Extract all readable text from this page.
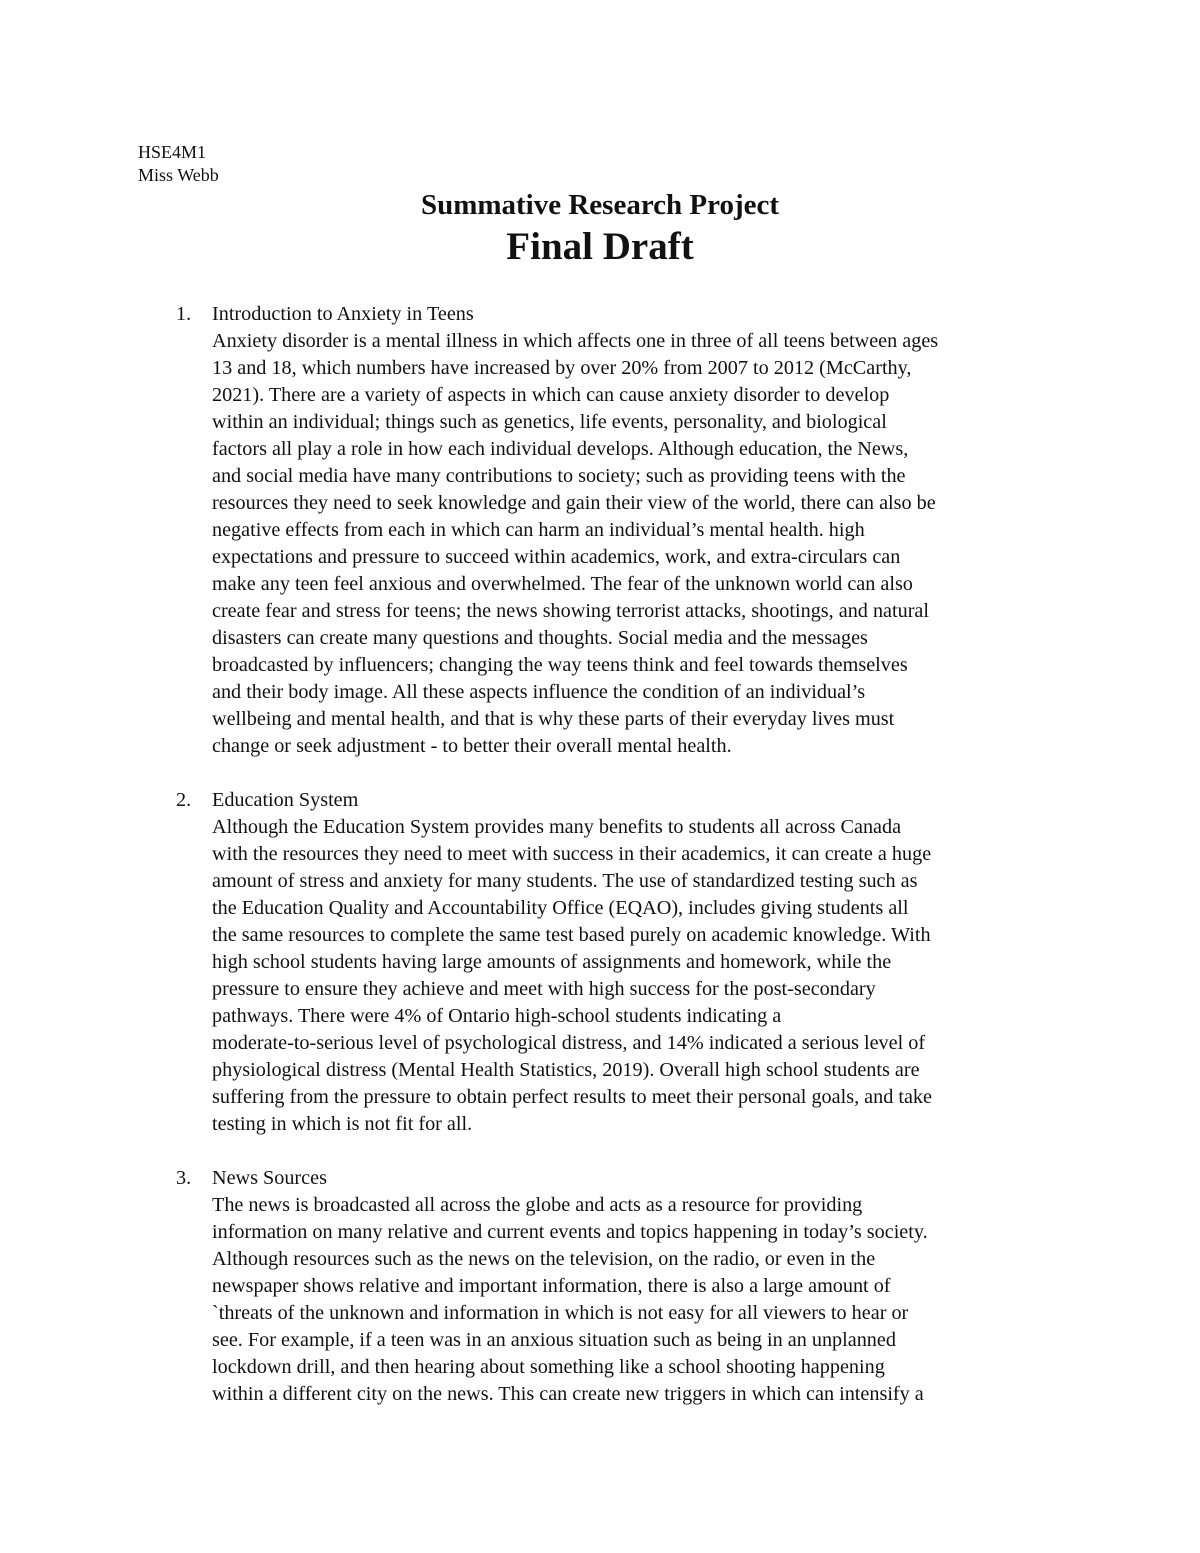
HSE4M1
Miss Webb
Summative Research Project
Final Draft
1. Introduction to Anxiety in Teens
Anxiety disorder is a mental illness in which affects one in three of all teens between ages
13 and 18, which numbers have increased by over 20% from 2007 to 2012 (McCarthy,
2021). There are a variety of aspects in which can cause anxiety disorder to develop
within an individual; things such as genetics, life events, personality, and biological
factors all play a role in how each individual develops. Although education, the News,
and social media have many contributions to society; such as providing teens with the
resources they need to seek knowledge and gain their view of the world, there can also be
negative effects from each in which can harm an individual’s mental health. high
expectations and pressure to succeed within academics, work, and extra-circulars can
make any teen feel anxious and overwhelmed. The fear of the unknown world can also
create fear and stress for teens; the news showing terrorist attacks, shootings, and natural
disasters can create many questions and thoughts. Social media and the messages
broadcasted by influencers; changing the way teens think and feel towards themselves
and their body image. All these aspects influence the condition of an individual’s
wellbeing and mental health, and that is why these parts of their everyday lives must
change or seek adjustment - to better their overall mental health.
2. Education System
Although the Education System provides many benefits to students all across Canada
with the resources they need to meet with success in their academics, it can create a huge
amount of stress and anxiety for many students. The use of standardized testing such as
the Education Quality and Accountability Office (EQAO), includes giving students all
the same resources to complete the same test based purely on academic knowledge. With
high school students having large amounts of assignments and homework, while the
pressure to ensure they achieve and meet with high success for the post-secondary
pathways. There were 4% of Ontario high-school students indicating a
moderate-to-serious level of psychological distress, and 14% indicated a serious level of
physiological distress (Mental Health Statistics, 2019). Overall high school students are
suffering from the pressure to obtain perfect results to meet their personal goals, and take
testing in which is not fit for all.
3. News Sources
The news is broadcasted all across the globe and acts as a resource for providing
information on many relative and current events and topics happening in today’s society.
Although resources such as the news on the television, on the radio, or even in the
newspaper shows relative and important information, there is also a large amount of
`threats of the unknown and information in which is not easy for all viewers to hear or
see. For example, if a teen was in an anxious situation such as being in an unplanned
lockdown drill, and then hearing about something like a school shooting happening
within a different city on the news. This can create new triggers in which can intensify a
